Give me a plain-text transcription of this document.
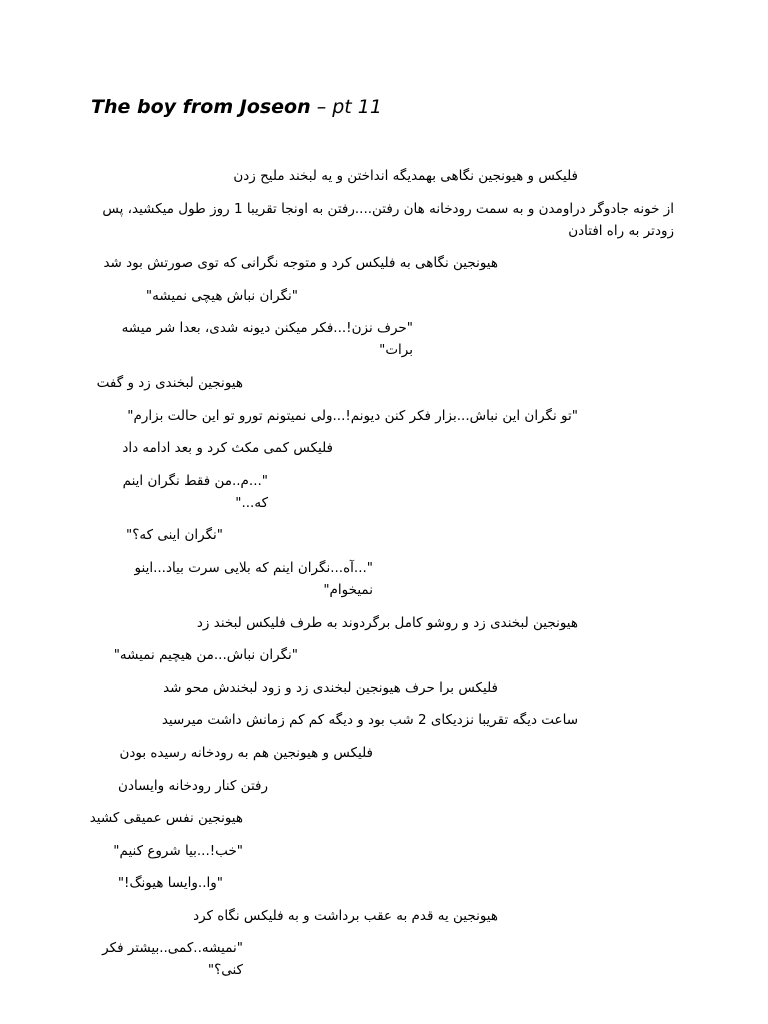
The boy from Joseon – pt 11

فلیکس و هیونجین نگاهی بهمدیگه انداختن و یه لبخند ملیح زدن

از خونه جادوگر دراومدن و به سمت رودخانه هان رفتن....رفتن به اونجا تقریبا 1 روز طول میکشید، پس زودتر به راه افتادن

هیونجین نگاهی به فلیکس کرد و متوجه نگرانی که توی صورتش بود شد

"نگران نباش هیچی نمیشه"

"حرف نزن!...فکر میکنن دیونه شدی، بعدا شر میشه برات"

هیونجین لبخندی زد و گفت

"تو نگران این نباش...بزار فکر کنن دیونم!...ولی نمیتونم تورو تو این حالت بزارم"

فلیکس کمی مکث کرد و بعد ادامه داد

"...م..من فقط نگران اینم که..."

"نگران اینی که؟"

"...آه...نگران اینم که بلایی سرت بیاد...اینو نمیخوام"

هیونجین لبخندی زد و روشو کامل برگردوند به طرف فلیکس لبخند زد

"نگران نباش...من هیچیم نمیشه"

فلیکس برا حرف هیونجین لبخندی زد و زود لبخندش محو شد

ساعت دیگه تقریبا نزدیکای 2 شب بود و دیگه کم کم زمانش داشت میرسید

فلیکس و هیونجین هم به رودخانه رسیده بودن

رفتن کنار رودخانه وایسادن

هیونجین نفس عمیقی کشید

"خب!...بیا شروع کنیم"

"وا..وایسا هیونگ!"

هیونجین یه قدم به عقب برداشت و به فلیکس نگاه کرد

"نمیشه..کمی..بیشتر فکر کنی؟"
